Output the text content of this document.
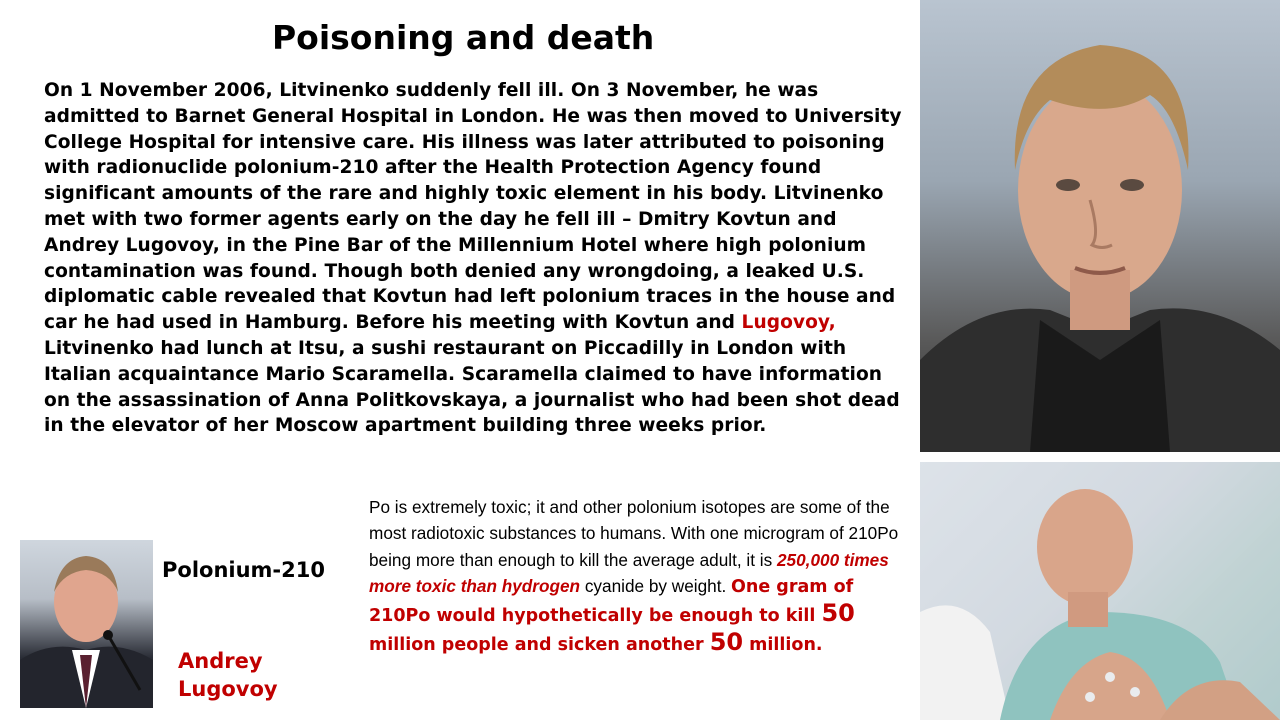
Poisoning and death

On 1 November 2006, Litvinenko suddenly fell ill. On 3 November, he was admitted to Barnet General Hospital in London. He was then moved to University College Hospital for intensive care. His illness was later attributed to poisoning with radionuclide polonium-210 after the Health Protection Agency found significant amounts of the rare and highly toxic element in his body. Litvinenko met with two former agents early on the day he fell ill – Dmitry Kovtun and Andrey Lugovoy, in the Pine Bar of the Millennium Hotel where high polonium contamination was found. Though both denied any wrongdoing, a leaked U.S. diplomatic cable revealed that Kovtun had left polonium traces in the house and car he had used in Hamburg. Before his meeting with Kovtun and Lugovoy, Litvinenko had lunch at Itsu, a sushi restaurant on Piccadilly in London with Italian acquaintance Mario Scaramella. Scaramella claimed to have information on the assassination of Anna Politkovskaya, a journalist who had been shot dead in the elevator of her Moscow apartment building three weeks prior.

Polonium-210

Andrey Lugovoy

Po is extremely toxic; it and other polonium isotopes are some of the most radiotoxic substances to humans. With one microgram of 210Po being more than enough to kill the average adult, it is 250,000 times more toxic than hydrogen cyanide by weight. One gram of 210Po would hypothetically be enough to kill 50 million people and sicken another 50 million.
